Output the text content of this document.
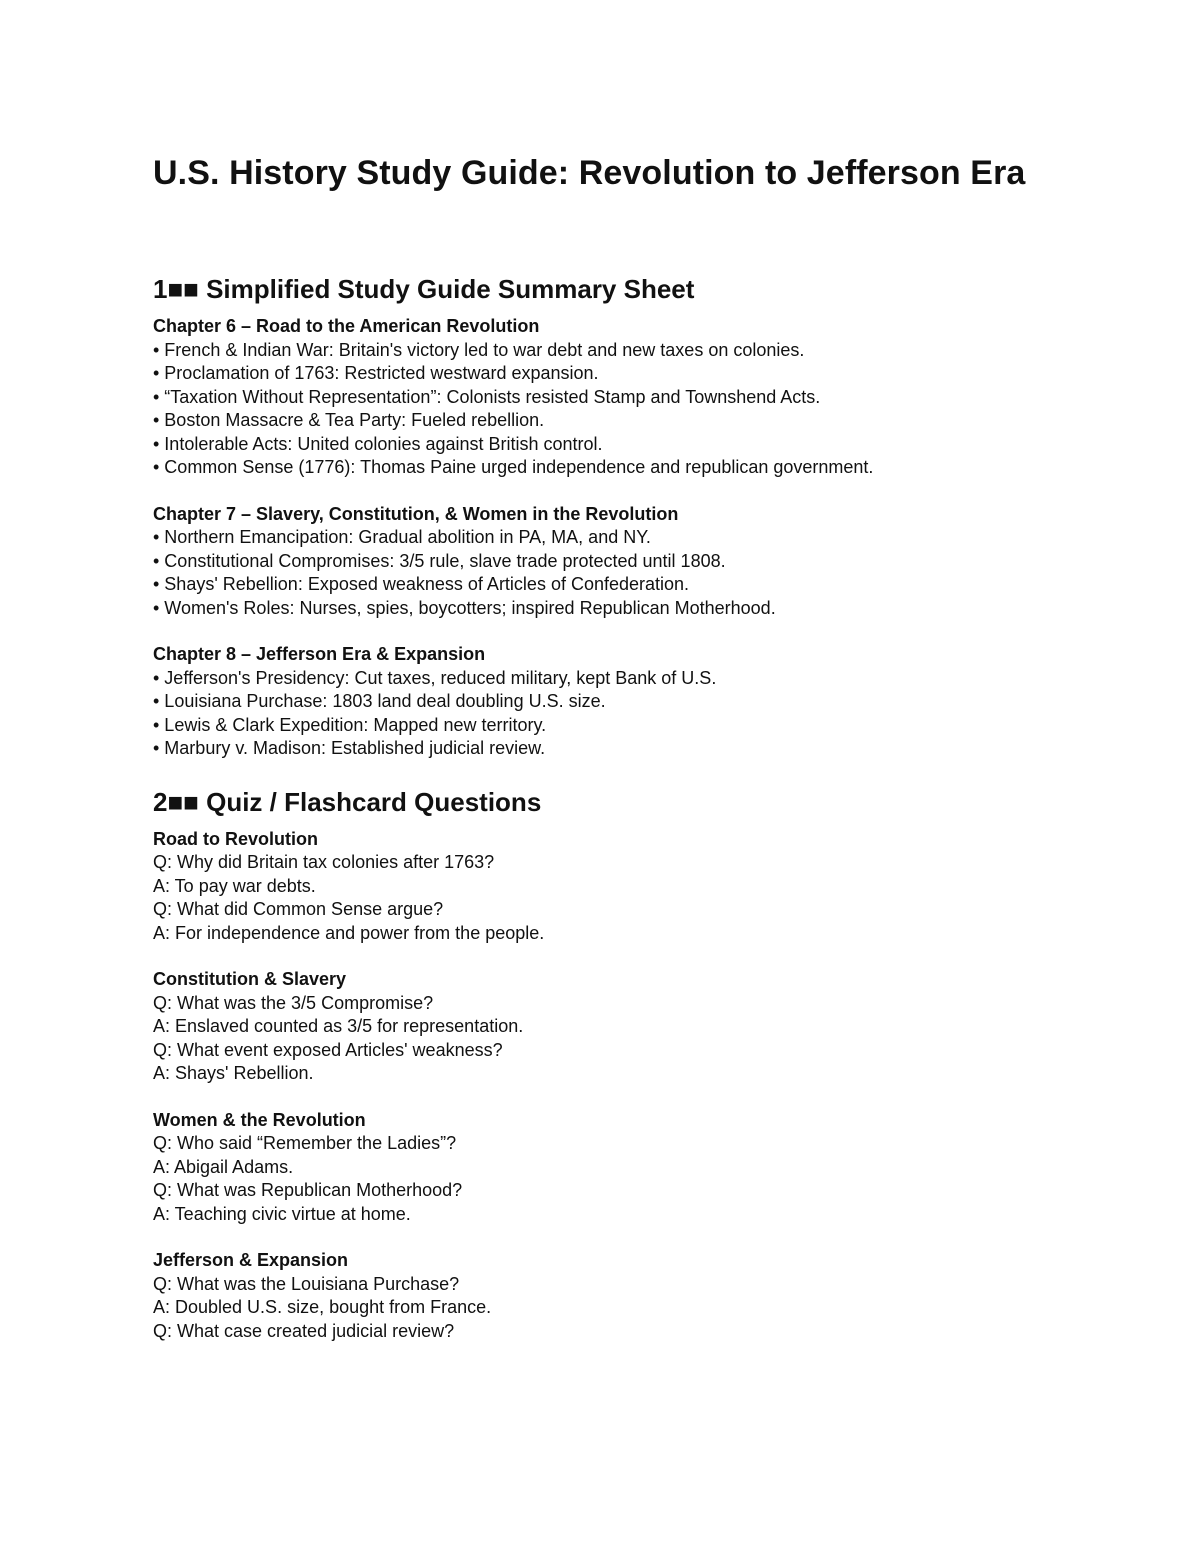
U.S. History Study Guide: Revolution to Jefferson Era
1■■ Simplified Study Guide Summary Sheet

Chapter 6 – Road to the American Revolution

• French & Indian War: Britain's victory led to war debt and new taxes on colonies.

• Proclamation of 1763: Restricted westward expansion.

• “Taxation Without Representation”: Colonists resisted Stamp and Townshend Acts.

• Boston Massacre & Tea Party: Fueled rebellion.

• Intolerable Acts: United colonies against British control.

• Common Sense (1776): Thomas Paine urged independence and republican government.

Chapter 7 – Slavery, Constitution, & Women in the Revolution

• Northern Emancipation: Gradual abolition in PA, MA, and NY.

• Constitutional Compromises: 3/5 rule, slave trade protected until 1808.

• Shays' Rebellion: Exposed weakness of Articles of Confederation.

• Women's Roles: Nurses, spies, boycotters; inspired Republican Motherhood.

Chapter 8 – Jefferson Era & Expansion

• Jefferson's Presidency: Cut taxes, reduced military, kept Bank of U.S.

• Louisiana Purchase: 1803 land deal doubling U.S. size.

• Lewis & Clark Expedition: Mapped new territory.

• Marbury v. Madison: Established judicial review.

2■■ Quiz / Flashcard Questions

Road to Revolution

Q: Why did Britain tax colonies after 1763?

A: To pay war debts.

Q: What did Common Sense argue?

A: For independence and power from the people.

Constitution & Slavery

Q: What was the 3/5 Compromise?

A: Enslaved counted as 3/5 for representation.

Q: What event exposed Articles' weakness?

A: Shays' Rebellion.

Women & the Revolution

Q: Who said “Remember the Ladies”?

A: Abigail Adams.

Q: What was Republican Motherhood?

A: Teaching civic virtue at home.

Jefferson & Expansion

Q: What was the Louisiana Purchase?

A: Doubled U.S. size, bought from France.

Q: What case created judicial review?
